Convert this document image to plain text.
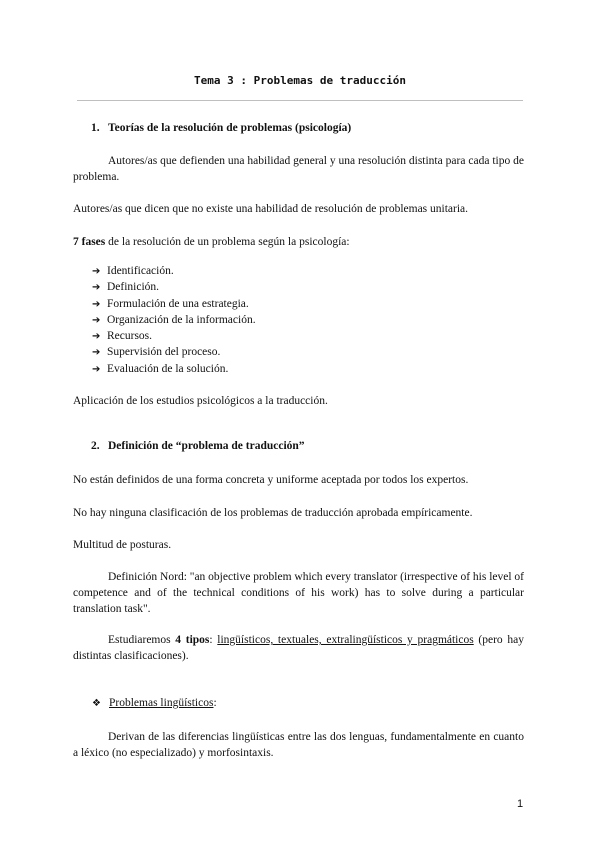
Tema 3 : Problemas de traducción
1. Teorías de la resolución de problemas (psicología)

Autores/as que defienden una habilidad general y una resolución distinta para cada tipo de problema.

Autores/as que dicen que no existe una habilidad de resolución de problemas unitaria.

7 fases de la resolución de un problema según la psicología:

➔ Identificación.
➔ Definición.
➔ Formulación de una estrategia.
➔ Organización de la información.
➔ Recursos.
➔ Supervisión del proceso.
➔ Evaluación de la solución.

Aplicación de los estudios psicológicos a la traducción.

2. Definición de “problema de traducción”

No están definidos de una forma concreta y uniforme aceptada por todos los expertos.

No hay ninguna clasificación de los problemas de traducción aprobada empíricamente.

Multitud de posturas.

Definición Nord: "an objective problem which every translator (irrespective of his level of competence and of the technical conditions of his work) has to solve during a particular translation task".

Estudiaremos 4 tipos: lingüísticos, textuales, extralingüísticos y pragmáticos (pero hay distintas clasificaciones).

❖ Problemas lingüísticos:

Derivan de las diferencias lingüísticas entre las dos lenguas, fundamentalmente en cuanto a léxico (no especializado) y morfosintaxis.

1
